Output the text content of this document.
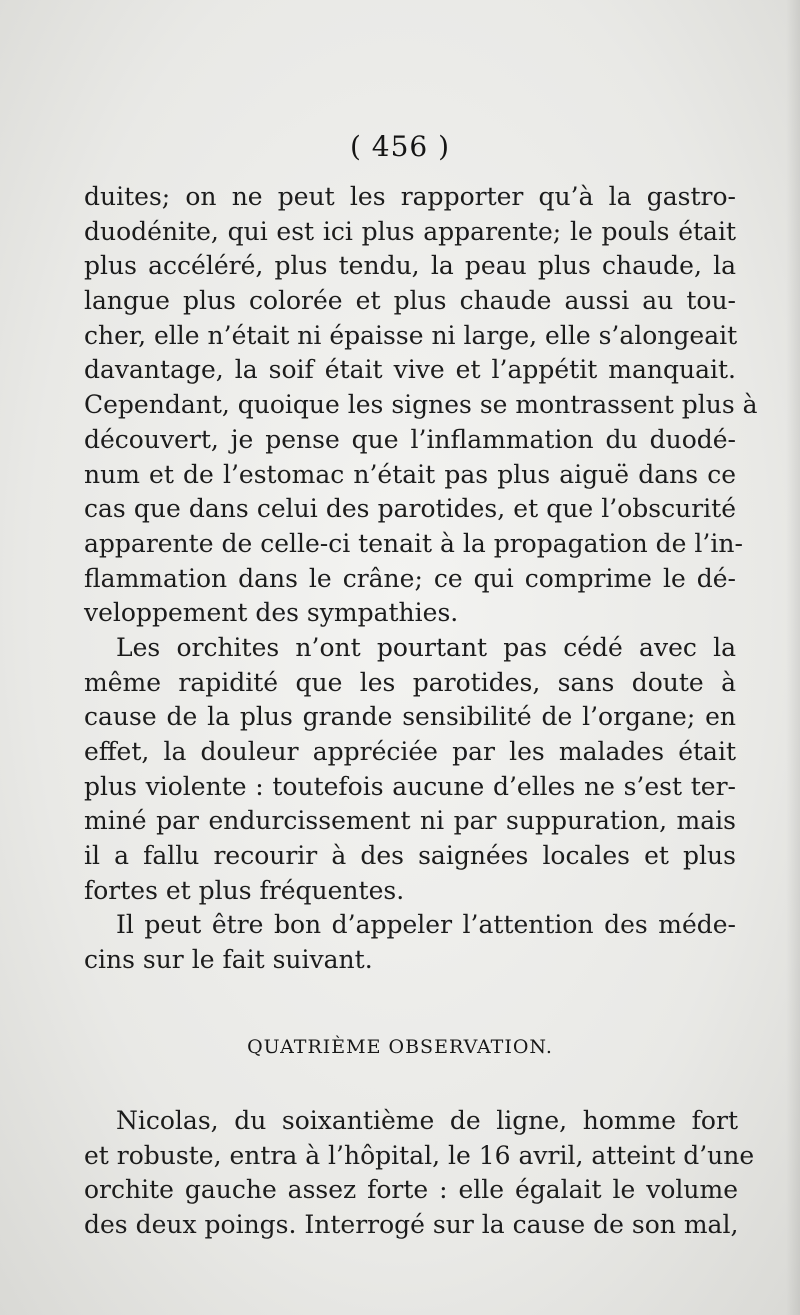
( 456 )
duites; on ne peut les rapporter qu’à la gastro-
duodénite, qui est ici plus apparente; le pouls était
plus accéléré, plus tendu, la peau plus chaude, la
langue plus colorée et plus chaude aussi au tou-
cher, elle n’était ni épaisse ni large, elle s’alongeait
davantage, la soif était vive et l’appétit manquait.
Cependant, quoique les signes se montrassent plus à
découvert, je pense que l’inflammation du duodé-
num et de l’estomac n’était pas plus aiguë dans ce
cas que dans celui des parotides, et que l’obscurité
apparente de celle-ci tenait à la propagation de l’in-
flammation dans le crâne; ce qui comprime le dé-
veloppement des sympathies.
Les orchites n’ont pourtant pas cédé avec la
même rapidité que les parotides, sans doute à
cause de la plus grande sensibilité de l’organe; en
effet, la douleur appréciée par les malades était
plus violente : toutefois aucune d’elles ne s’est ter-
miné par endurcissement ni par suppuration, mais
il a fallu recourir à des saignées locales et plus
fortes et plus fréquentes.
Il peut être bon d’appeler l’attention des méde-
cins sur le fait suivant.
QUATRIÈME OBSERVATION.
Nicolas, du soixantième de ligne, homme fort
et robuste, entra à l’hôpital, le 16 avril, atteint d’une
orchite gauche assez forte : elle égalait le volume
des deux poings. Interrogé sur la cause de son mal,
